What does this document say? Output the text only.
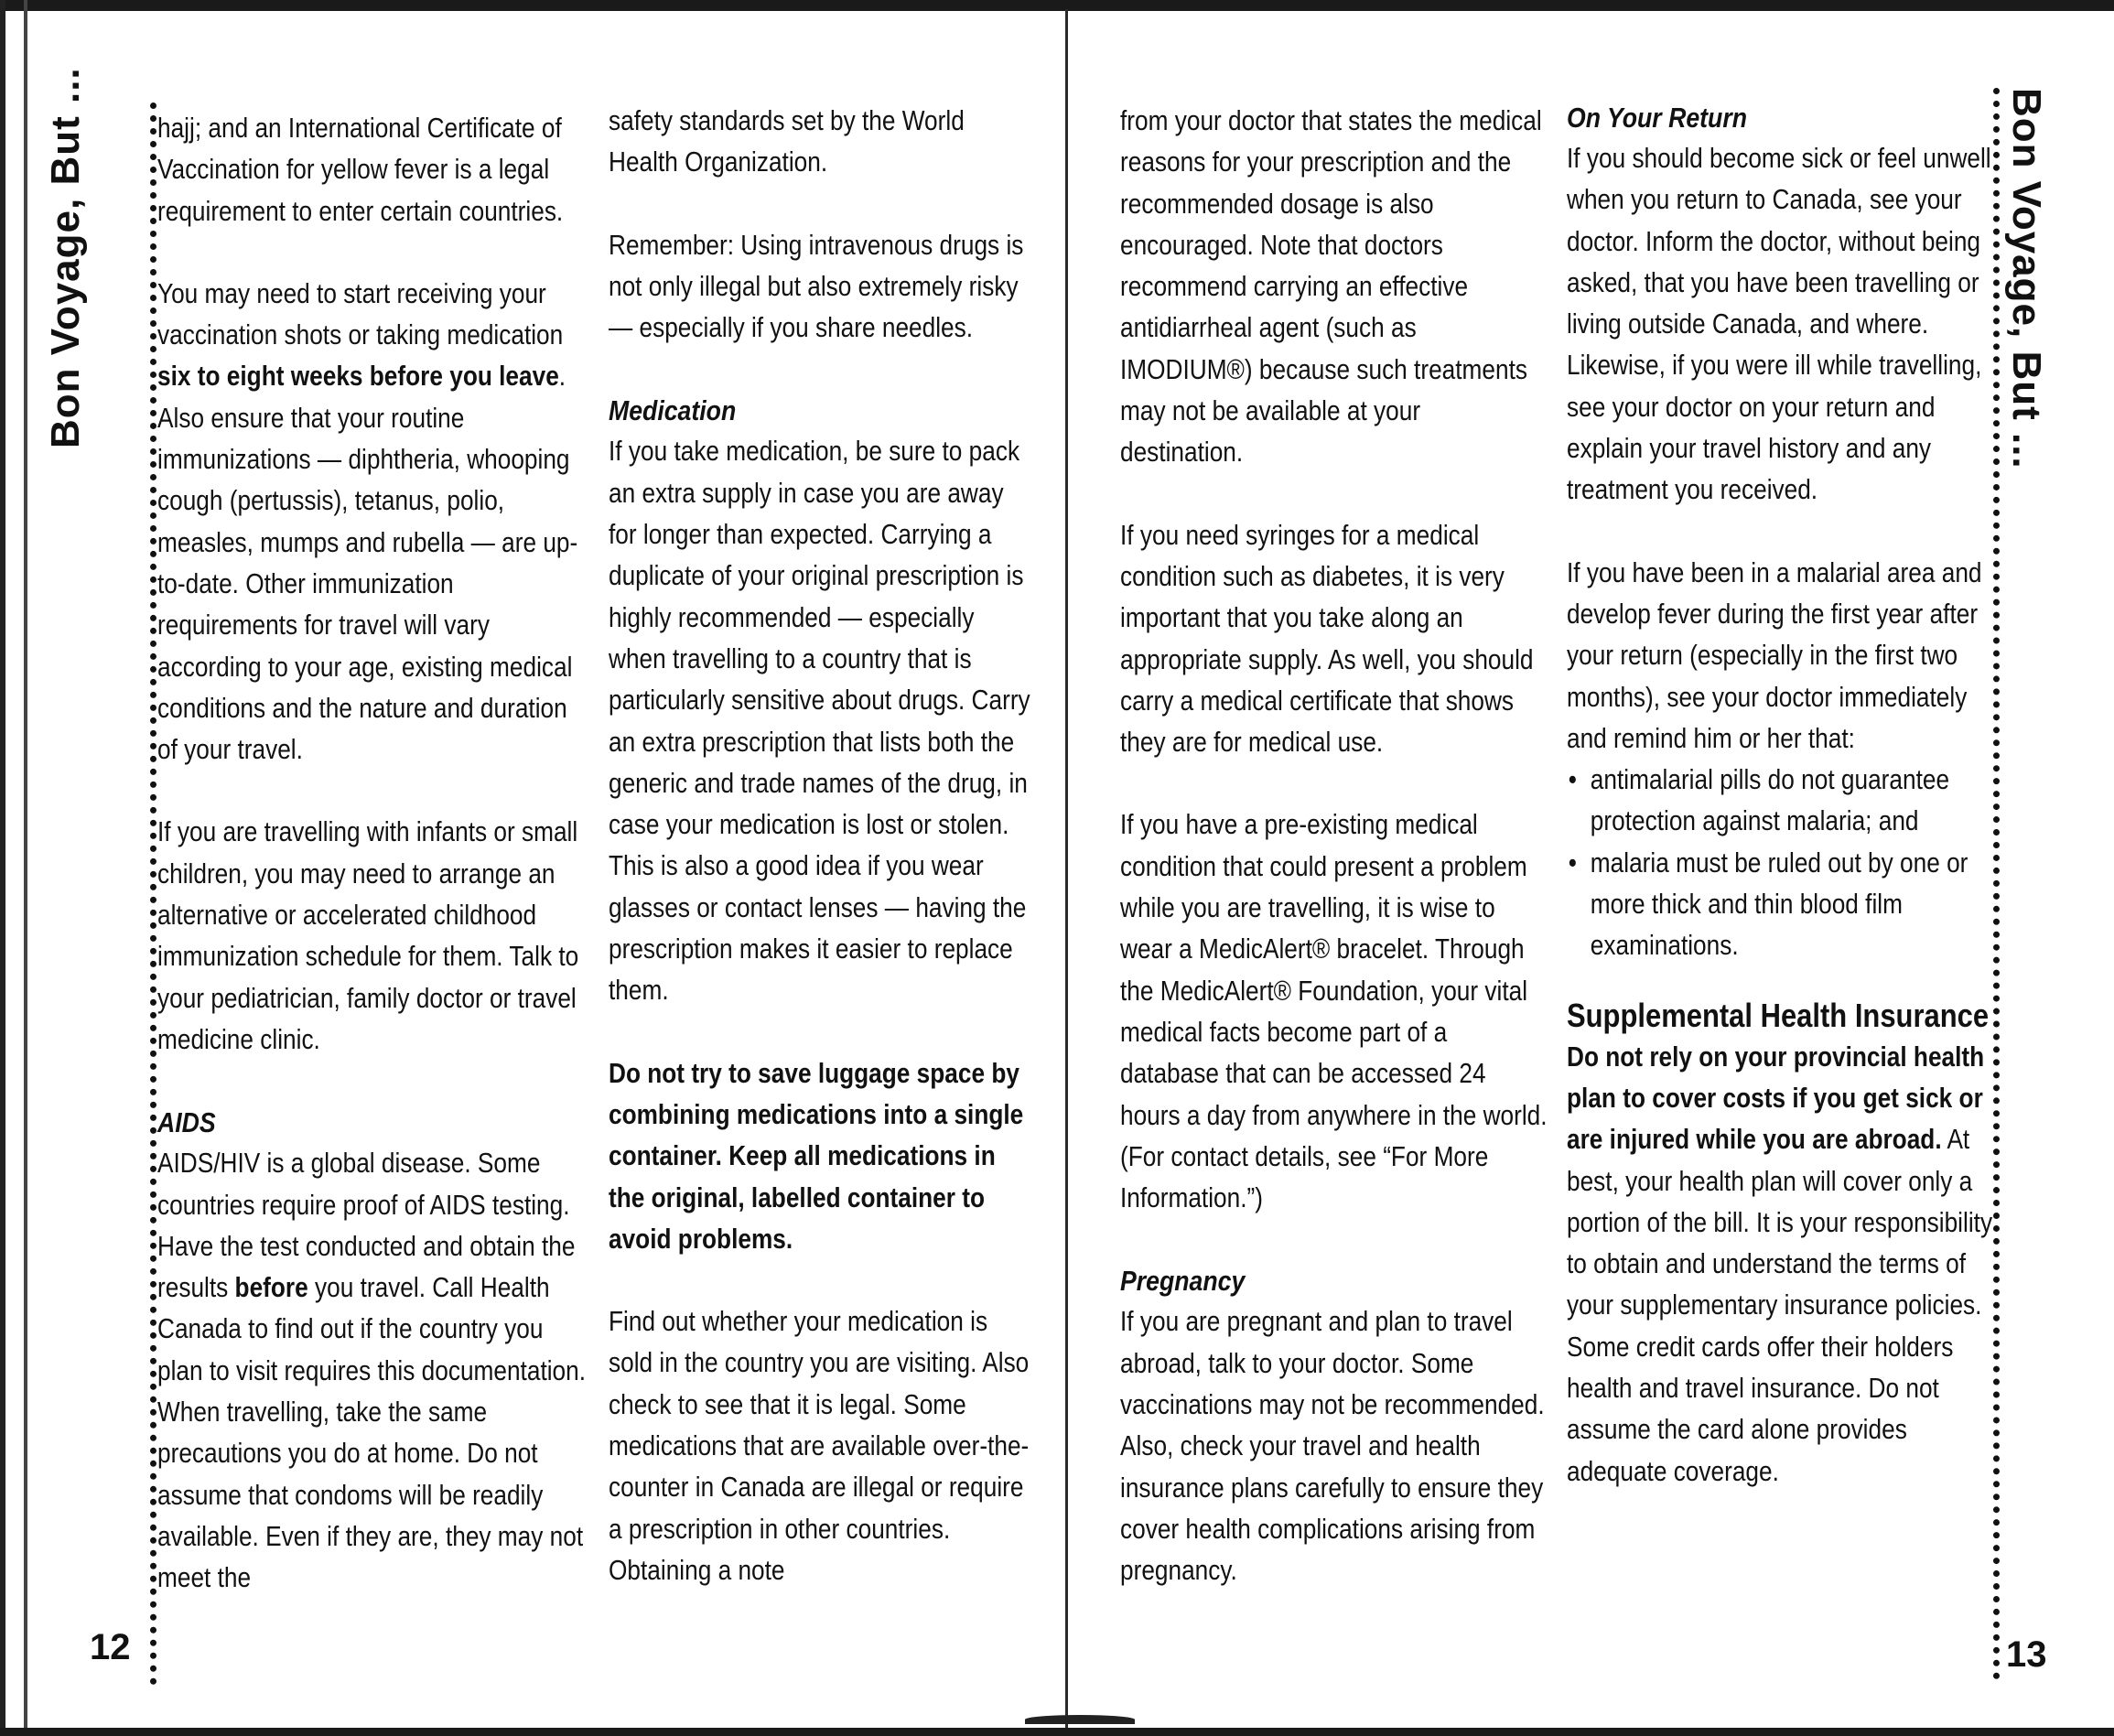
Bon Voyage, But ...
12

hajj; and an International Certificate of Vaccination for yellow fever is a legal requirement to enter certain countries.

You may need to start receiving your vaccination shots or taking medication six to eight weeks before you leave. Also ensure that your routine immunizations — diphtheria, whooping cough (pertussis), tetanus, polio, measles, mumps and rubella — are up-to-date. Other immunization requirements for travel will vary according to your age, existing medical conditions and the nature and duration of your travel.

If you are travelling with infants or small children, you may need to arrange an alternative or accelerated childhood immunization schedule for them. Talk to your pediatrician, family doctor or travel medicine clinic.

AIDS

AIDS/HIV is a global disease. Some countries require proof of AIDS testing. Have the test conducted and obtain the results before you travel. Call Health Canada to find out if the country you plan to visit requires this documentation. When travelling, take the same precautions you do at home. Do not assume that condoms will be readily available. Even if they are, they may not meet the

safety standards set by the World Health Organization.

Remember: Using intravenous drugs is not only illegal but also extremely risky — especially if you share needles.

Medication

If you take medication, be sure to pack an extra supply in case you are away for longer than expected. Carrying a duplicate of your original prescription is highly recommended — especially when travelling to a country that is particularly sensitive about drugs. Carry an extra prescription that lists both the generic and trade names of the drug, in case your medication is lost or stolen. This is also a good idea if you wear glasses or contact lenses — having the prescription makes it easier to replace them.

Do not try to save luggage space by combining medications into a single container. Keep all medications in the original, labelled container to avoid problems.

Find out whether your medication is sold in the country you are visiting. Also check to see that it is legal. Some medications that are available over-the-counter in Canada are illegal or require a prescription in other countries. Obtaining a note

Bon Voyage, But ...
13

from your doctor that states the medical reasons for your prescription and the recommended dosage is also encouraged. Note that doctors recommend carrying an effective antidiarrheal agent (such as IMODIUM®) because such treatments may not be available at your destination.

If you need syringes for a medical condition such as diabetes, it is very important that you take along an appropriate supply. As well, you should carry a medical certificate that shows they are for medical use.

If you have a pre-existing medical condition that could present a problem while you are travelling, it is wise to wear a MedicAlert® bracelet. Through the MedicAlert® Foundation, your vital medical facts become part of a database that can be accessed 24 hours a day from anywhere in the world. (For contact details, see “For More Information.”)

Pregnancy

If you are pregnant and plan to travel abroad, talk to your doctor. Some vaccinations may not be recommended. Also, check your travel and health insurance plans carefully to ensure they cover health complications arising from pregnancy.

On Your Return

If you should become sick or feel unwell when you return to Canada, see your doctor. Inform the doctor, without being asked, that you have been travelling or living outside Canada, and where. Likewise, if you were ill while travelling, see your doctor on your return and explain your travel history and any treatment you received.

If you have been in a malarial area and develop fever during the first year after your return (especially in the first two months), see your doctor immediately and remind him or her that:

• antimalarial pills do not guarantee protection against malaria; and
• malaria must be ruled out by one or more thick and thin blood film examinations.
Supplemental Health Insurance

Do not rely on your provincial health plan to cover costs if you get sick or are injured while you are abroad. At best, your health plan will cover only a portion of the bill. It is your responsibility to obtain and understand the terms of your supplementary insurance policies. Some credit cards offer their holders health and travel insurance. Do not assume the card alone provides adequate coverage.
